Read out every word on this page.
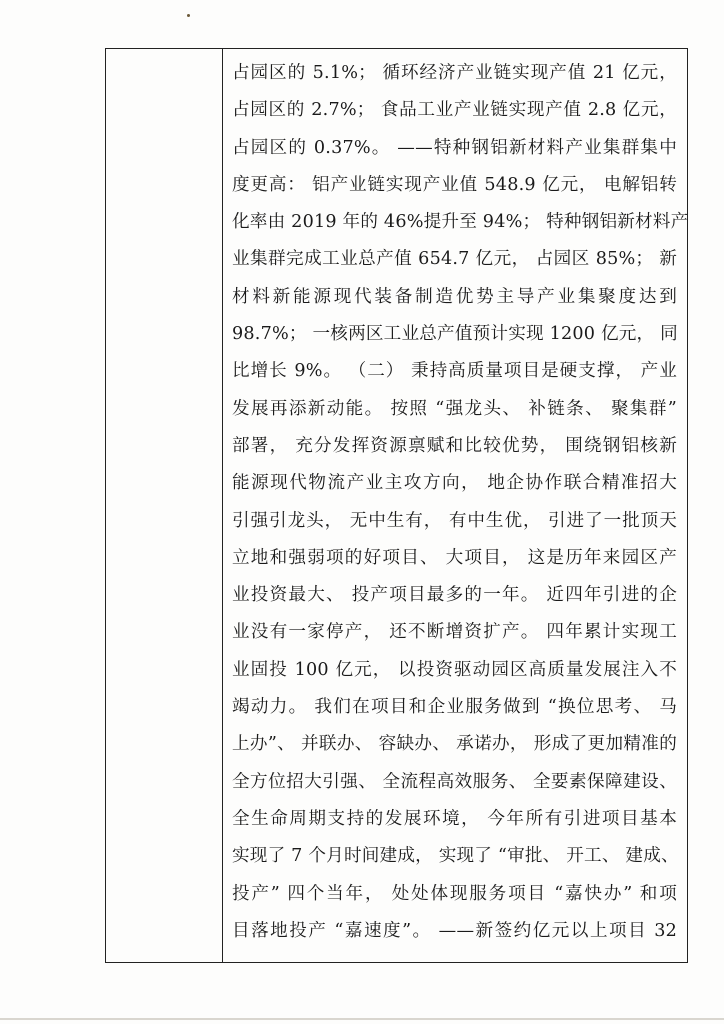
占园区的 5.1%； 循环经济产业链实现产值 21 亿元，
占园区的 2.7%； 食品工业产业链实现产值 2.8 亿元，
占园区的 0.37%。 ——特种钢铝新材料产业集群集中
度更高： 铝产业链实现产业值 548.9 亿元， 电解铝转
化率由 2019 年的 46%提升至 94%； 特种钢铝新材料产
业集群完成工业总产值 654.7 亿元， 占园区 85%； 新
材料新能源现代装备制造优势主导产业集聚度达到
98.7%； 一核两区工业总产值预计实现 1200 亿元， 同
比增长 9%。 （二） 秉持高质量项目是硬支撑， 产业
发展再添新动能。 按照 “强龙头、 补链条、 聚集群”
部署， 充分发挥资源禀赋和比较优势， 围绕钢铝核新
能源现代物流产业主攻方向， 地企协作联合精准招大
引强引龙头， 无中生有， 有中生优， 引进了一批顶天
立地和强弱项的好项目、 大项目， 这是历年来园区产
业投资最大、 投产项目最多的一年。 近四年引进的企
业没有一家停产， 还不断增资扩产。 四年累计实现工
业固投 100 亿元， 以投资驱动园区高质量发展注入不
竭动力。 我们在项目和企业服务做到 “换位思考、 马
上办”、 并联办、 容缺办、 承诺办， 形成了更加精准的
全方位招大引强、 全流程高效服务、 全要素保障建设、
全生命周期支持的发展环境， 今年所有引进项目基本
实现了 7 个月时间建成， 实现了 “审批、 开工、 建成、
投产” 四个当年， 处处体现服务项目 “嘉快办” 和项
目落地投产 “嘉速度”。 ——新签约亿元以上项目 32
